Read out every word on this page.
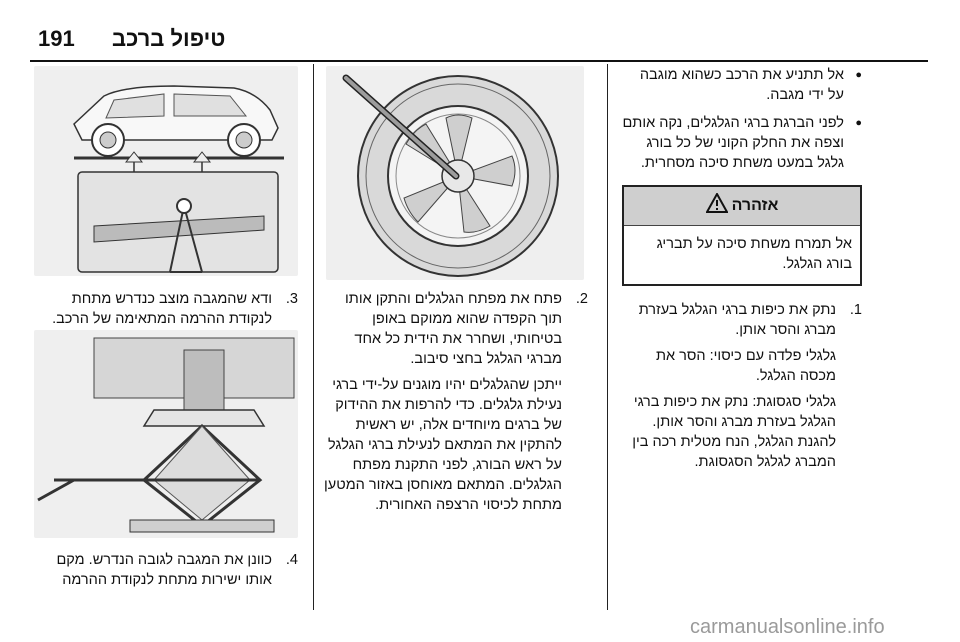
191 טיפול ברכב
● אל תתניע את הרכב כשהוא מוגבה על ידי מגבה.
● לפני הברגת ברגי הגלגלים, נקה אותם וצפה את החלק הקוני של כל בורג גלגל במעט משחת סיכה מסחרית.
אזהרה
אל תמרח משחת סיכה על תבריג בורג הגלגל.
1.

נתק את כיפות ברגי הגלגל בעזרת מברג והסר אותן.

גלגלי פלדה עם כיסוי: הסר את מכסה הגלגל.

גלגלי סגסוגת: נתק את כיפות ברגי הגלגל בעזרת מברג והסר אותן. להגנת הגלגל, הנח מטלית רכה בין המברג לגלגל הסגסוגת.

2.

פתח את מפתח הגלגלים והתקן אותו תוך הקפדה שהוא ממוקם באופן בטיחותי, ושחרר את הידית כל אחד מברגי הגלגל בחצי סיבוב.

ייתכן שהגלגלים יהיו מוגנים על-ידי ברגי נעילת גלגלים. כדי להרפות את ההידוק של ברגים מיוחדים אלה, יש ראשית להתקין את המתאם לנעילת ברגי הגלגל על ראש הבורג, לפני התקנת מפתח הגלגלים. המתאם מאוחסן באזור המטען מתחת לכיסוי הרצפה האחורית.

3.

ודא שהמגבה מוצב כנדרש מתחת לנקודת ההרמה המתאימה של הרכב.

4.

כוונן את המגבה לגובה הנדרש. מקם אותו ישירות מתחת לנקודת ההרמה

carmanualsonline.info
